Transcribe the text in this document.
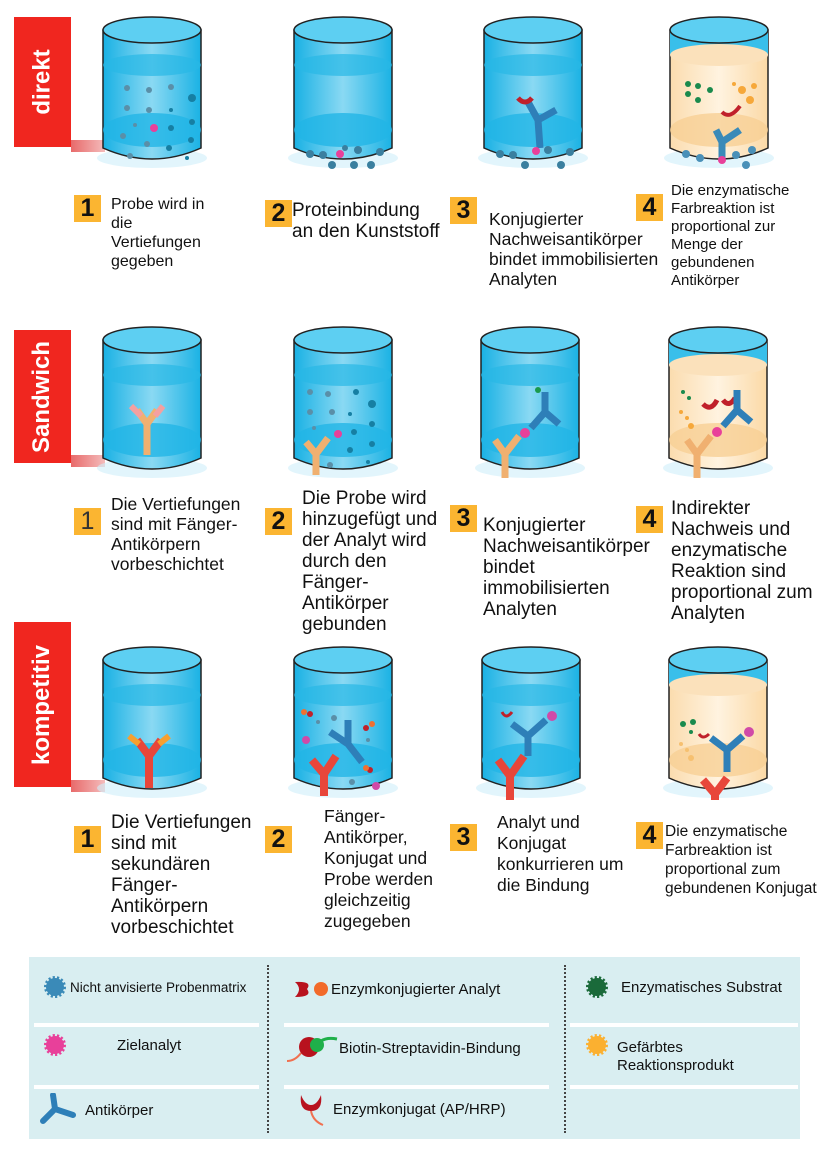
direkt
Sandwich
kompetitiv
1	Probe wird in die Vertiefungen gegeben
2 Proteinbindung an den Kunststoff
3	Konjugierter Nachweisantikörper bindet immobilisierten Analyten
4
Die enzymatische Farbreaktion ist proportional zur Menge der gebundenen Antikörper
1
Die Vertiefungen sind mit Fänger-Antikörpern vorbeschichtet
2
Die Probe wird hinzugefügt und der Analyt wird durch den Fänger-Antikörper gebunden
3 Konjugierter Nachweisantikörper bindet immobilisierten Analyten
4 Indirekter Nachweis und enzymatische Reaktion sind proportional zum Analyten
1
Die Vertiefungen sind mit sekundären Fänger-Antikörpern vorbeschichtet
2
Fänger-Antikörper, Konjugat und Probe werden gleichzeitig zugegeben
3
Analyt und Konjugat konkurrieren um die Bindung
4 Die enzymatische Farbreaktion ist proportional zum gebundenen Konjugat
Nicht anvisierte Probenmatrix
Zielanalyt
Antikörper
Enzymkonjugierter Analyt
Biotin-Streptavidin-Bindung
Enzymkonjugat (AP/HRP)
Enzymatisches Substrat
Gefärbtes Reaktionsprodukt
